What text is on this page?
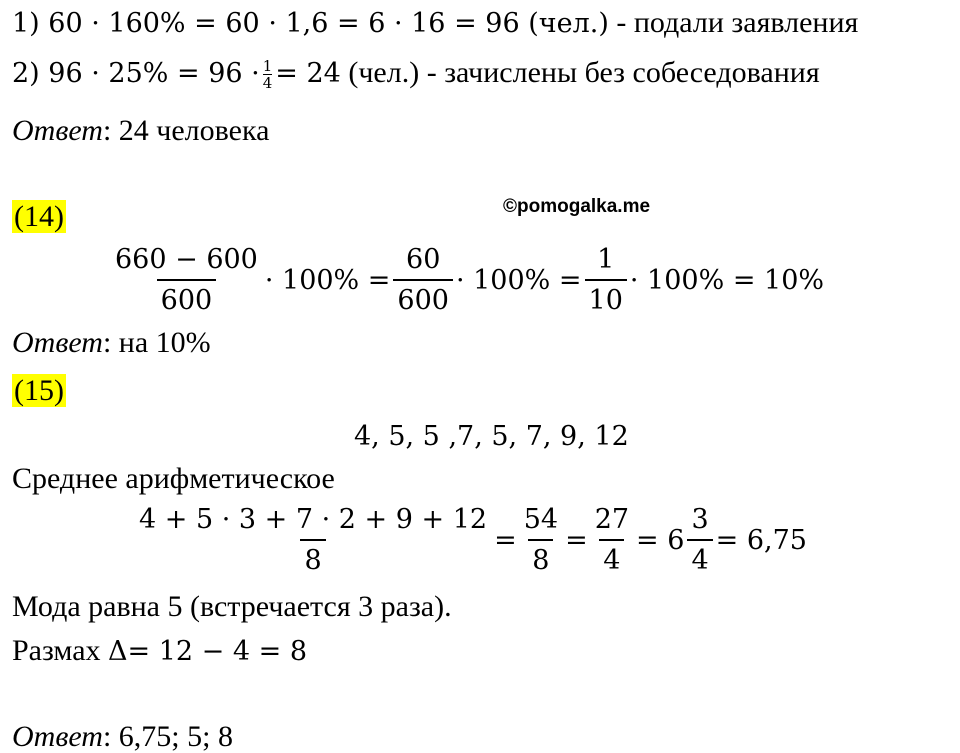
1) 60 · 160% = 60 · 1,6 = 6 · 16 = 96 (чел.) - подали заявления
2) $96 \cdot 25\% = 96 \cdot \frac{1}{4} = 24$ (чел.) - зачислены без собеседования
Ответ: 24 человека
(14)	©pomogalka.me
$\frac{660 - 600}{600} \cdot 100\% = \frac{60}{600} \cdot 100\% = \frac{1}{10} \cdot 100\% = 10\%$
Ответ: на 10%
(15)
4, 5, 5 ,7, 5, 7, 9, 12
Среднее арифметическое
$\frac{4 + 5 \cdot 3 + 7 \cdot 2 + 9 + 12}{8} = \frac{54}{8} = \frac{27}{4} = 6 \frac{3}{4} = 6,75$
Мода равна 5 (встречается 3 раза).
Размах Δ= 12 − 4 = 8
Ответ: 6,75; 5; 8
